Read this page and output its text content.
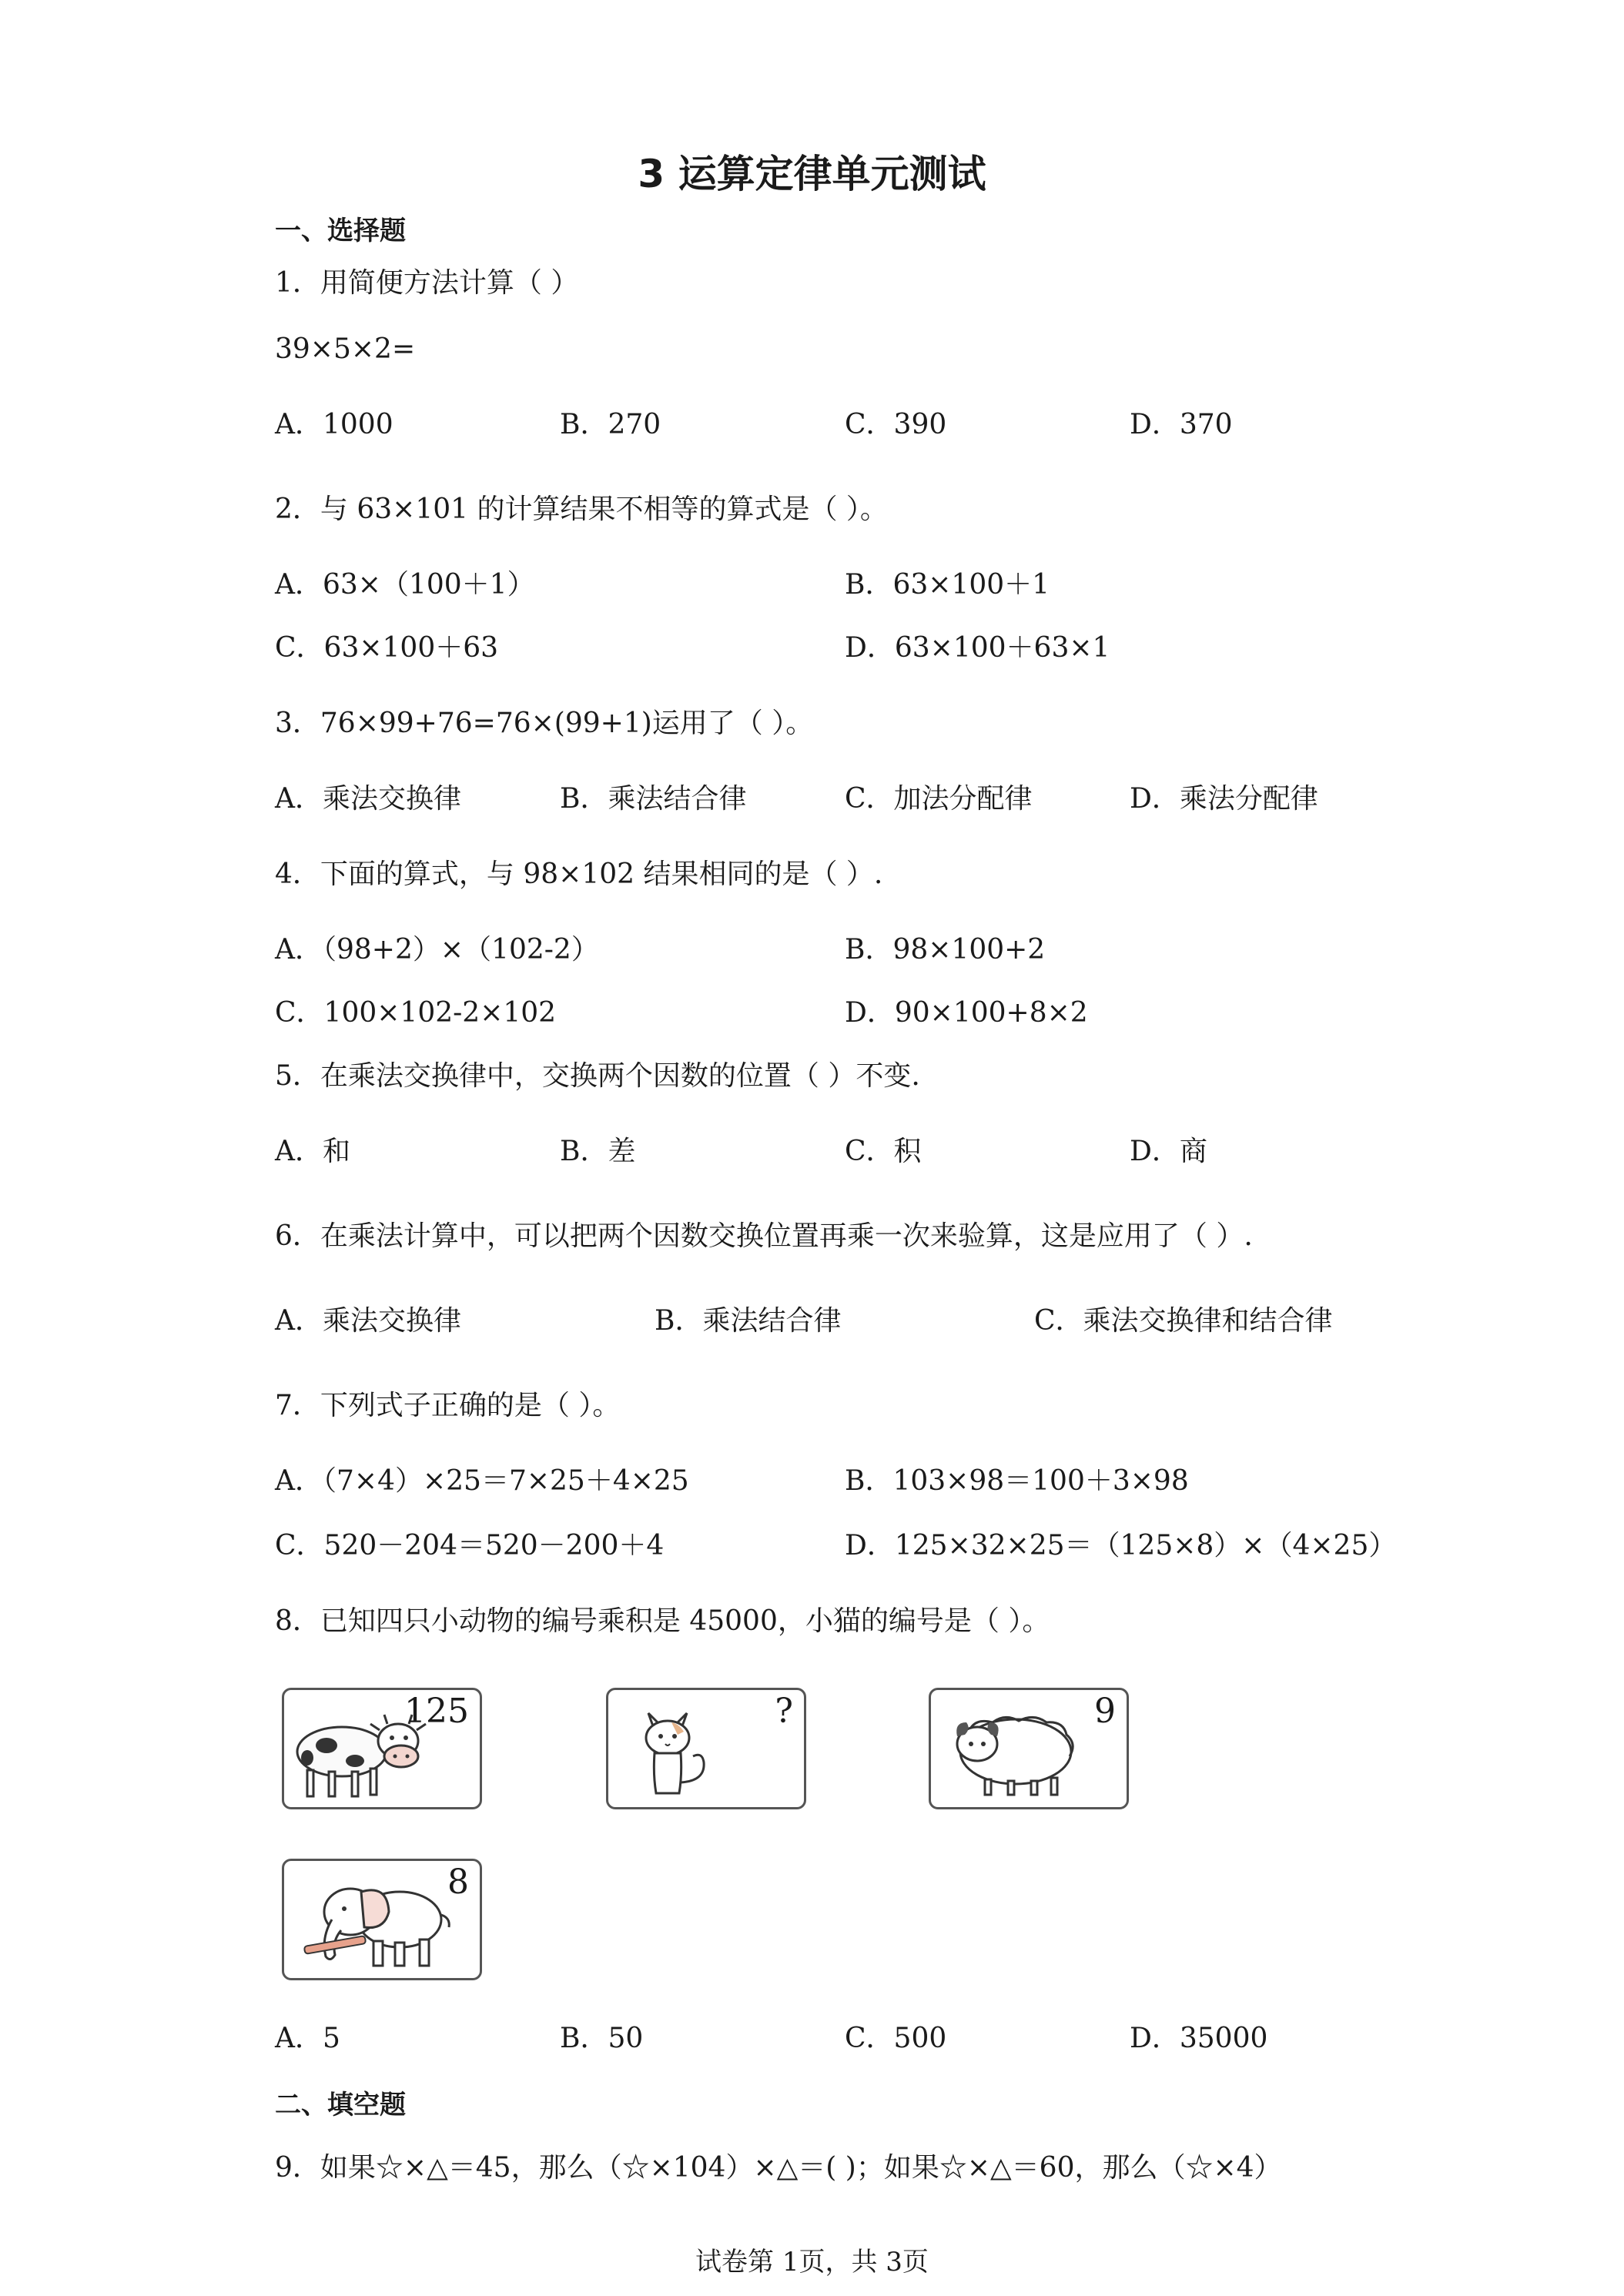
3 运算定律单元测试
一、选择题
1．用简便方法计算（ ）
39×5×2=
A．1000	B．270	C．390	D．370
2．与 63×101 的计算结果不相等的算式是（ ）。
A．63×（100＋1）	B．63×100＋1
C．63×100＋63	D．63×100＋63×1
3．76×99+76=76×(99+1)运用了（ ）。
A．乘法交换律	B．乘法结合律	C．加法分配律	D．乘法分配律
4．下面的算式，与 98×102 结果相同的是（ ）.
A．（98+2）×（102-2）	B．98×100+2
C．100×102-2×102	D．90×100+8×2
5．在乘法交换律中，交换两个因数的位置（ ）不变.
A．和	B．差	C．积	D．商
6．在乘法计算中，可以把两个因数交换位置再乘一次来验算，这是应用了（ ）.
A．乘法交换律	B．乘法结合律	C．乘法交换律和结合律
7．下列式子正确的是（ ）。
A．（7×4）×25＝7×25＋4×25	B．103×98＝100＋3×98
C．520－204＝520－200＋4	D．125×32×25＝（125×8）×（4×25）
8．已知四只小动物的编号乘积是 45000，小猫的编号是（ ）。
125	?	9
8
A．5	B．50	C．500	D．35000
二、填空题
9．如果☆×△＝45，那么（☆×104）×△＝( )；如果☆×△＝60，那么（☆×4）
试卷第 1页，共 3页
